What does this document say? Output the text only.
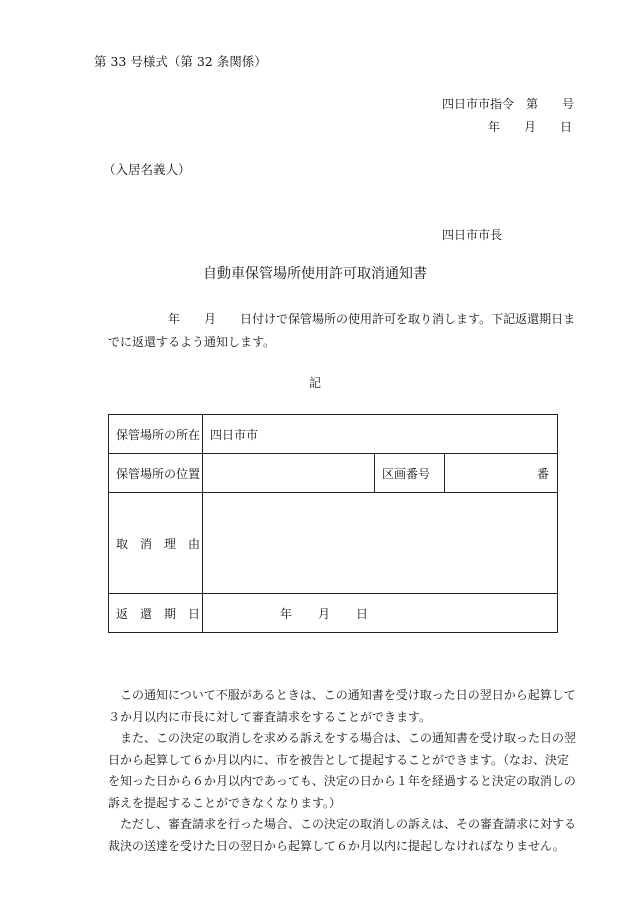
第 33 号様式（第 32 条関係）
四日市市指令　第　　号
年　　月　　日
（入居名義人）
四日市市長
自動車保管場所使用許可取消通知書
年 月 日付けで保管場所の使用許可を取り消します。下記返還期日までに返還するよう通知します。
記
保管場所の所在	四日市市		
保管場所の位置		区画番号	番
取　消　理　由			
返　還　期　日	年 月 日		

この通知について不服があるときは、この通知書を受け取った日の翌日から起算して３か月以内に市長に対して審査請求をすることができます。

また、この決定の取消しを求める訴えをする場合は、この通知書を受け取った日の翌日から起算して６か月以内に、市を被告として提起することができます。（なお、決定を知った日から６か月以内であっても、決定の日から１年を経過すると決定の取消しの訴えを提起することができなくなります。）

ただし、審査請求を行った場合、この決定の取消しの訴えは、その審査請求に対する裁決の送達を受けた日の翌日から起算して６か月以内に提起しなければなりません。
